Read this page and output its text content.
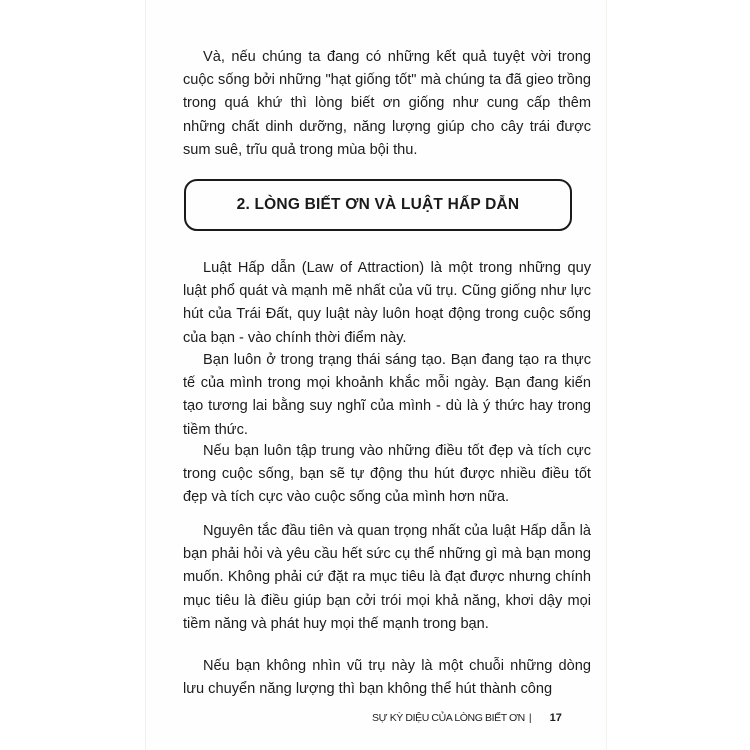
Và, nếu chúng ta đang có những kết quả tuyệt vời trong cuộc sống bởi những "hạt giống tốt" mà chúng ta đã gieo trồng trong quá khứ thì lòng biết ơn giống như cung cấp thêm những chất dinh dưỡng, năng lượng giúp cho cây trái được sum suê, trĩu quả trong mùa bội thu.

2. LÒNG BIẾT ƠN VÀ LUẬT HẤP DẪN

Luật Hấp dẫn (Law of Attraction) là một trong những quy luật phổ quát và mạnh mẽ nhất của vũ trụ. Cũng giống như lực hút của Trái Đất, quy luật này luôn hoạt động trong cuộc sống của bạn - vào chính thời điểm này.

Bạn luôn ở trong trạng thái sáng tạo. Bạn đang tạo ra thực tế của mình trong mọi khoảnh khắc mỗi ngày. Bạn đang kiến tạo tương lai bằng suy nghĩ của mình - dù là ý thức hay trong tiềm thức.

Nếu bạn luôn tập trung vào những điều tốt đẹp và tích cực trong cuộc sống, bạn sẽ tự động thu hút được nhiều điều tốt đẹp và tích cực vào cuộc sống của mình hơn nữa.

Nguyên tắc đầu tiên và quan trọng nhất của luật Hấp dẫn là bạn phải hỏi và yêu cầu hết sức cụ thể những gì mà bạn mong muốn. Không phải cứ đặt ra mục tiêu là đạt được nhưng chính mục tiêu là điều giúp bạn cởi trói mọi khả năng, khơi dậy mọi tiềm năng và phát huy mọi thế mạnh trong bạn.

Nếu bạn không nhìn vũ trụ này là một chuỗi những dòng lưu chuyển năng lượng thì bạn không thể hút thành công

SỰ KỲ DIỆU CỦA LÒNG BIẾT ƠN | 17
